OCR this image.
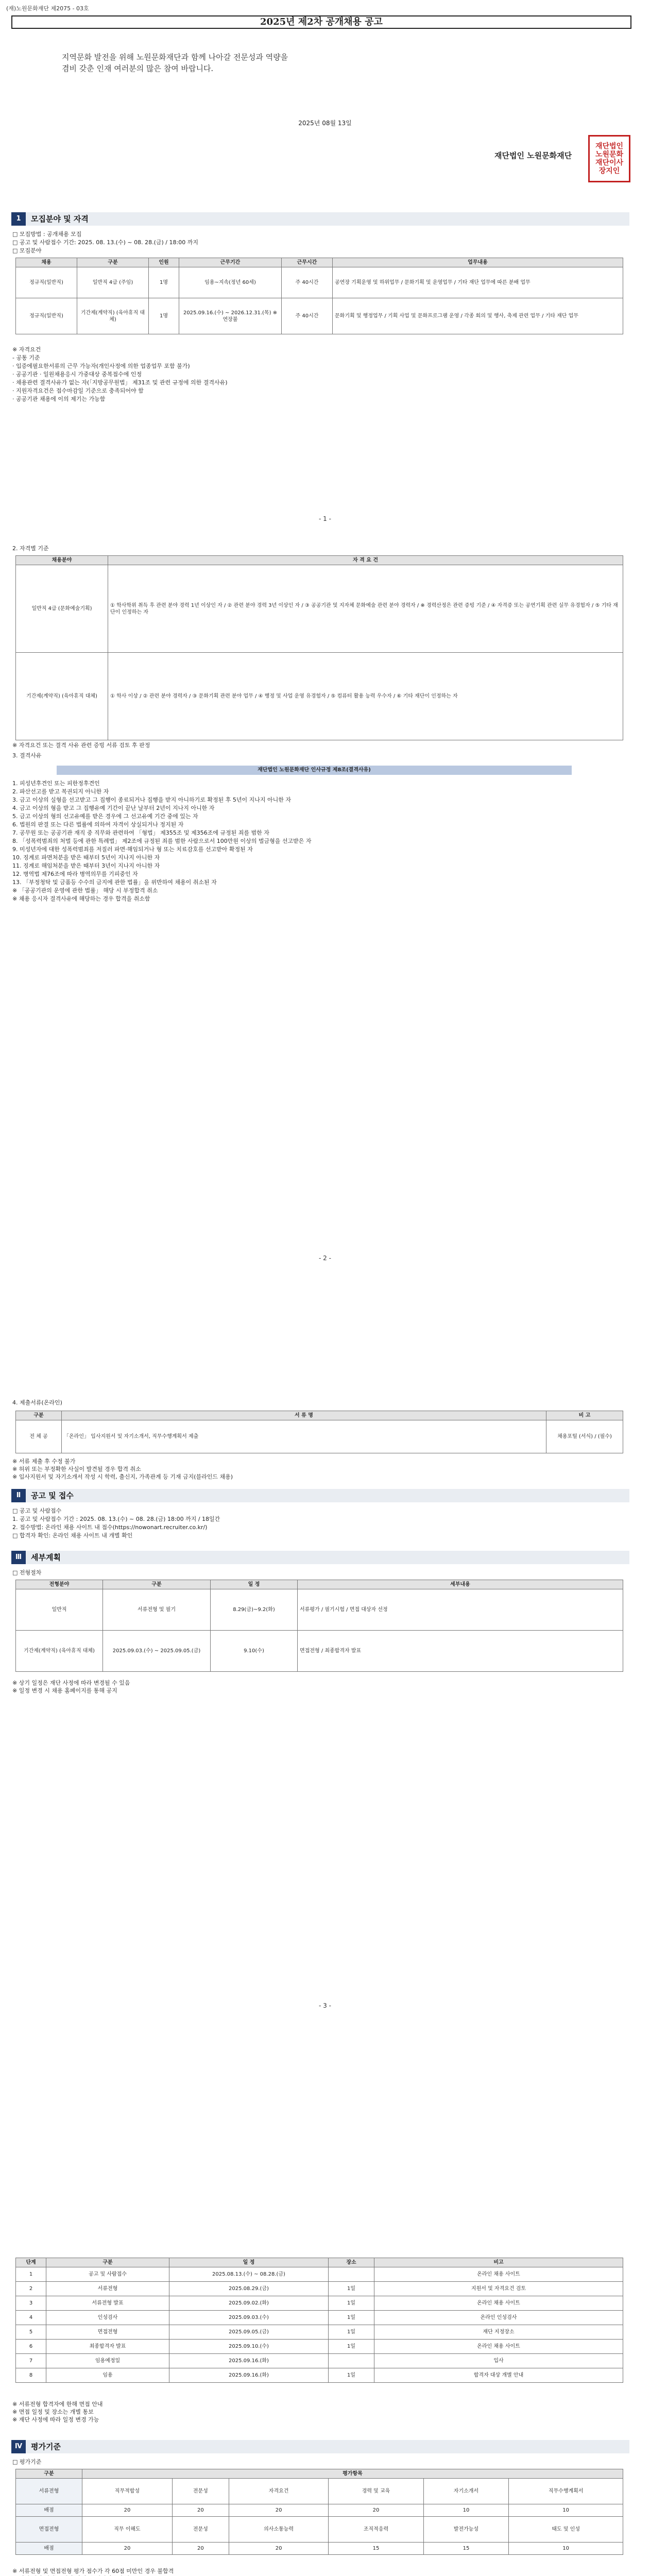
(재)노원문화재단 제2075 - 03호
2025년 제2차 공개채용 공고
지역문화 발전을 위해 노원문화재단과 함께 나아갈 전문성과 역량을
겸비 갖춘 인재 여러분의 많은 참여 바랍니다.
2025년 08월 13일
재단법인 노원문화재단
재단법인
노원문화
재단이사
장지인
1	모집분야 및 자격
□ 모집방법 : 공개채용 모집
□ 공고 및 사람접수 기간: 2025. 08. 13.(수) ~ 08. 28.(금) / 18:00 까지
□ 모집분야
채용	구분	인원	근무기간	근무시간	업무내용
정규직(일반직)	일반직 4급 (주임)	1명	임용~지속(정년 60세)	주 40시간	공연장 기획운영 및 하위업무 / 문화기획 및 운영업무 / 기타 재단 업무에 따른 분배 업무
정규직(일반직)	기간제(계약직) (육아휴직 대체)	1명	2025.09.16.(수) ~ 2026.12.31.(목) ※ 연장불	주 40시간	문화기획 및 행정업무 / 기획 사업 및 문화프로그램 운영 / 각종 회의 및 행사, 축제 관련 업무 / 기타 재단 업무
※ 자격요건
- 공통 기준
· 입증에필요한서류의 근무 가능자(개인사정에 의한 업종업무 포함 불가)
· 공공기관 · 일원채용응시 가중대상 중복접수에 인정
· 채용관련 결격사유가 없는 자(「지방공무원법」 제31조 및 관련 규정에 의한 결격사유)
· 지원자격요건은 접수마감일 기준으로 충족되어야 함
· 공공기관 채용에 이의 제기는 가능함
- 1 -
2. 자격별 기준
채용분야	자 격 요 건
일반직 4급 (문화예술기획)	① 학사학위 취득 후 관련 분야 경력 1년 이상인 자 / ② 관련 분야 경력 3년 이상인 자 / ③ 공공기관 및 지자체 문화예술 관련 분야 경력자 / ※ 경력산정은 관련 증빙 기준 / ④ 자격증 또는 공연기획 관련 실무 유경험자 / ⑤ 기타 재단이 인정하는 자
기간제(계약직) (육아휴직 대체)	① 학사 이상 / ② 관련 분야 경력자 / ③ 문화기획 관련 분야 업무 / ④ 행정 및 사업 운영 유경험자 / ⑤ 컴퓨터 활용 능력 우수자 / ⑥ 기타 재단이 인정하는 자
※ 자격요건 또는 결격 사유 관련 증빙 서류 검토 후 판정
3. 결격사유
재단법인 노원문화재단 인사규정 제8조(결격사유)
1. 피성년후견인 또는 피한정후견인
2. 파산선고를 받고 복권되지 아니한 자
3. 금고 이상의 실형을 선고받고 그 집행이 종료되거나 집행을 받지 아니하기로 확정된 후 5년이 지나지 아니한 자
4. 금고 이상의 형을 받고 그 집행유예 기간이 끝난 날부터 2년이 지나지 아니한 자
5. 금고 이상의 형의 선고유예를 받은 경우에 그 선고유예 기간 중에 있는 자
6. 법원의 판결 또는 다른 법률에 의하여 자격이 상실되거나 정지된 자
7. 공무원 또는 공공기관 재직 중 직무와 관련하여 「형법」 제355조 및 제356조에 규정된 죄를 범한 자
8. 「성폭력범죄의 처벌 등에 관한 특례법」 제2조에 규정된 죄를 범한 사람으로서 100만원 이상의 벌금형을 선고받은 자
9. 미성년자에 대한 성폭력범죄를 저질러 파면·해임되거나 형 또는 치료감호를 선고받아 확정된 자
10. 징계로 파면처분을 받은 때부터 5년이 지나지 아니한 자
11. 징계로 해임처분을 받은 때부터 3년이 지나지 아니한 자
12. 병역법 제76조에 따라 병역의무를 기피중인 자
13. 「부정청탁 및 금품등 수수의 금지에 관한 법률」을 위반하여 채용이 취소된 자
※ 「공공기관의 운영에 관한 법률」 해당 시 부정합격 취소
※ 채용 응시자 결격사유에 해당하는 경우 합격을 취소함
- 2 -
4. 제출서류(온라인)
구분	서 류 명	비 고
전 체 공	「온라인」 입사지원서 및 자기소개서, 직무수행계획서 제출	채용포털 (서식) / (필수)
※ 서류 제출 후 수정 불가
※ 허위 또는 부정확한 사실이 발견될 경우 합격 취소
※ 입사지원서 및 자기소개서 작성 시 학력, 출신지, 가족관계 등 기재 금지(블라인드 채용)
Ⅱ	공고 및 접수
□ 공고 및 사람접수
1. 공고 및 사람접수 기간 : 2025. 08. 13.(수) ~ 08. 28.(금) 18:00 까지 / 18일간
2. 접수방법: 온라인 채용 사이트 내 접수(https://nowonart.recruiter.co.kr/)
□ 합격자 확인: 온라인 채용 사이트 내 개별 확인
Ⅲ	세부계획
□ 전형절차
전형분야	구분	일 정	세부내용
일반직	서류전형 및 필기	8.29(금)~9.2(화)	서류평가 / 필기시험 / 면접 대상자 선정
기간제(계약직) (육아휴직 대체)	2025.09.03.(수) ~ 2025.09.05.(금)	9.10(수)	면접전형 / 최종합격자 발표
※ 상기 일정은 재단 사정에 따라 변경될 수 있음
※ 일정 변경 시 채용 홈페이지를 통해 공지
- 3 -
단계	구분	일 정	장소	비고
1	공고 및 사람접수	2025.08.13.(수) ~ 08.28.(금)		온라인 채용 사이트
2	서류전형	2025.08.29.(금)	1일	지원서 및 자격요건 검토
3	서류전형 발표	2025.09.02.(화)	1일	온라인 채용 사이트
4	인성검사	2025.09.03.(수)	1일	온라인 인성검사
5	면접전형	2025.09.05.(금)	1일	재단 지정장소
6	최종합격자 발표	2025.09.10.(수)	1일	온라인 채용 사이트
7	임용예정일	2025.09.16.(화)		입사
8	임용	2025.09.16.(화)	1일	합격자 대상 개별 안내
※ 서류전형 합격자에 한해 면접 안내
※ 면접 일정 및 장소는 개별 통보
※ 재단 사정에 따라 일정 변경 가능
Ⅳ	평가기준
□ 평가기준
구분	평가항목					
서류전형	직무적합성	전문성	자격요건	경력 및 교육	자기소개서	직무수행계획서
배점	20	20	20	20	10	10
면접전형	직무 이해도	전문성	의사소통능력	조직적응력	발전가능성	태도 및 인성
배점	20	20	20	15	15	10
※ 서류전형 및 면접전형 평가 점수가 각 60점 미만인 경우 불합격
